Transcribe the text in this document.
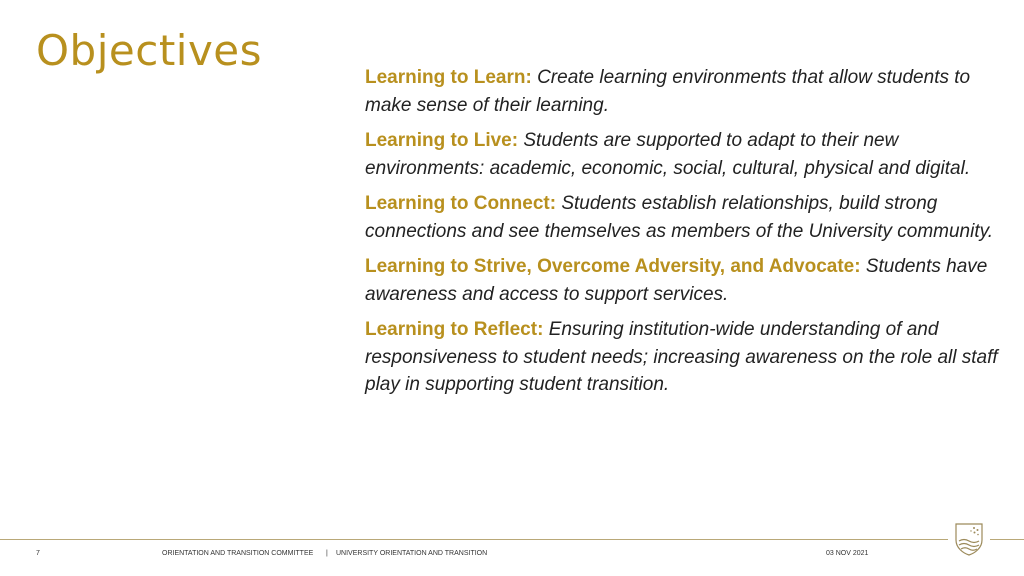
Objectives

Learning to Learn: Create learning environments that allow students to make sense of their learning.

Learning to Live: Students are supported to adapt to their new environments: academic, economic, social, cultural, physical and digital.

Learning to Connect: Students establish relationships, build strong connections and see themselves as members of the University community.

Learning to Strive, Overcome Adversity, and Advocate: Students have awareness and access to support services.

Learning to Reflect: Ensuring institution-wide understanding of and responsiveness to student needs; increasing awareness on the role all staff play in supporting student transition.

7	ORIENTATION AND TRANSITION COMMITTEE | UNIVERSITY ORIENTATION AND TRANSITION	03 NOV 2021
